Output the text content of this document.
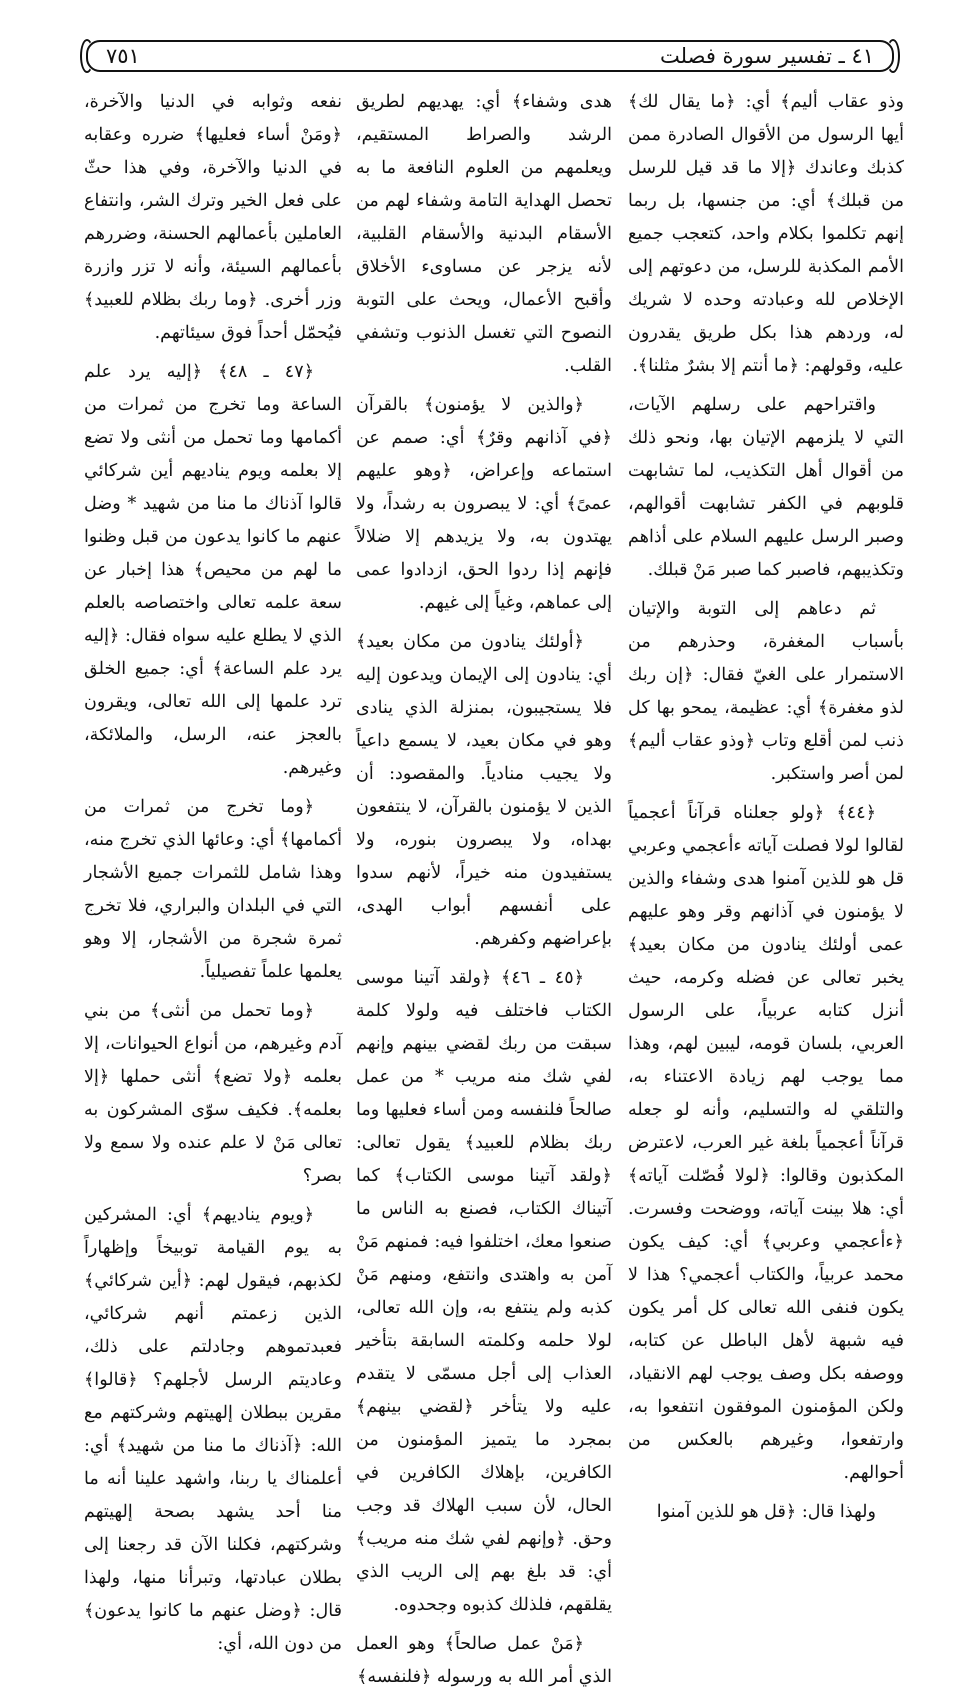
٤١ ـ تفسير سورة فصلت
٧٥١

وذو عقاب أليم﴾ أي: ﴿ما يقال لك﴾ أيها الرسول من الأقوال الصادرة ممن كذبك وعاندك ﴿إلا ما قد قيل للرسل من قبلك﴾ أي: من جنسها، بل ربما إنهم تكلموا بكلام واحد، كتعجب جميع الأمم المكذبة للرسل، من دعوتهم إلى الإخلاص لله وعبادته وحده لا شريك له، وردهم هذا بكل طريق يقدرون عليه، وقولهم: ﴿ما أنتم إلا بشرٌ مثلنا﴾.

واقتراحهم على رسلهم الآيات، التي لا يلزمهم الإتيان بها، ونحو ذلك من أقوال أهل التكذيب، لما تشابهت قلوبهم في الكفر تشابهت أقوالهم، وصبر الرسل عليهم السلام على أذاهم وتكذيبهم، فاصبر كما صبر مَنْ قبلك.

ثم دعاهم إلى التوبة والإتيان بأسباب المغفرة، وحذرهم من الاستمرار على الغيّ فقال: ﴿إن ربك لذو مغفرة﴾ أي: عظيمة، يمحو بها كل ذنب لمن أقلع وتاب ﴿وذو عقاب أليم﴾ لمن أصر واستكبر.

﴿٤٤﴾ ﴿ولو جعلناه قرآناً أعجمياً لقالوا لولا فصلت آياته ءأعجمي وعربي قل هو للذين آمنوا هدى وشفاء والذين لا يؤمنون في آذانهم وقر وهو عليهم عمى أولئك ينادون من مكان بعيد﴾ يخبر تعالى عن فضله وكرمه، حيث أنزل كتابه عربياً، على الرسول العربي، بلسان قومه، ليبين لهم، وهذا مما يوجب لهم زيادة الاعتناء به، والتلقي له والتسليم، وأنه لو جعله قرآناً أعجمياً بلغة غير العرب، لاعترض المكذبون وقالوا: ﴿لولا فُصّلت آياته﴾ أي: هلا بينت آياته، ووضحت وفسرت. ﴿ءأعجمي وعربي﴾ أي: كيف يكون محمد عربياً، والكتاب أعجمي؟ هذا لا يكون فنفى الله تعالى كل أمر يكون فيه شبهة لأهل الباطل عن كتابه، ووصفه بكل وصف يوجب لهم الانقياد، ولكن المؤمنون الموفقون انتفعوا به، وارتفعوا، وغيرهم بالعكس من أحوالهم.

ولهذا قال: ﴿قل هو للذين آمنوا

هدى وشفاء﴾ أي: يهديهم لطريق الرشد والصراط المستقيم، ويعلمهم من العلوم النافعة ما به تحصل الهداية التامة وشفاء لهم من الأسقام البدنية والأسقام القلبية، لأنه يزجر عن مساوىء الأخلاق وأقبح الأعمال، ويحث على التوبة النصوح التي تغسل الذنوب وتشفي القلب.

﴿والذين لا يؤمنون﴾ بالقرآن ﴿في آذانهم وقرٌ﴾ أي: صمم عن استماعه وإعراض، ﴿وهو عليهم عمىً﴾ أي: لا يبصرون به رشداً، ولا يهتدون به، ولا يزيدهم إلا ضلالاً فإنهم إذا ردوا الحق، ازدادوا عمى إلى عماهم، وغياً إلى غيهم.

﴿أولئك ينادون من مكان بعيد﴾ أي: ينادون إلى الإيمان ويدعون إليه فلا يستجيبون، بمنزلة الذي ينادى وهو في مكان بعيد، لا يسمع داعياً ولا يجيب منادياً. والمقصود: أن الذين لا يؤمنون بالقرآن، لا ينتفعون بهداه، ولا يبصرون بنوره، ولا يستفيدون منه خيراً، لأنهم سدوا على أنفسهم أبواب الهدى، بإعراضهم وكفرهم.

﴿٤٥ ـ ٤٦﴾ ﴿ولقد آتينا موسى الكتاب فاختلف فيه ولولا كلمة سبقت من ربك لقضي بينهم وإنهم لفي شك منه مريب * من عمل صالحاً فلنفسه ومن أساء فعليها وما ربك بظلام للعبيد﴾ يقول تعالى: ﴿ولقد آتينا موسى الكتاب﴾ كما آتيناك الكتاب، فصنع به الناس ما صنعوا معك، اختلفوا فيه: فمنهم مَنْ آمن به واهتدى وانتفع، ومنهم مَنْ كذبه ولم ينتفع به، وإن الله تعالى، لولا حلمه وكلمته السابقة بتأخير العذاب إلى أجل مسمّى لا يتقدم عليه ولا يتأخر ﴿لقضي بينهم﴾ بمجرد ما يتميز المؤمنون من الكافرين، بإهلاك الكافرين في الحال، لأن سبب الهلاك قد وجب وحق. ﴿وإنهم لفي شك منه مريب﴾ أي: قد بلغ بهم إلى الريب الذي يقلقهم، فلذلك كذبوه وجحدوه.

﴿مَنْ عمل صالحاً﴾ وهو العمل الذي أمر الله به ورسوله ﴿فلنفسه﴾

نفعه وثوابه في الدنيا والآخرة، ﴿ومَنْ أساء فعليها﴾ ضرره وعقابه في الدنيا والآخرة، وفي هذا حثّ على فعل الخير وترك الشر، وانتفاع العاملين بأعمالهم الحسنة، وضررهم بأعمالهم السيئة، وأنه لا تزر وازرة وزر أخرى. ﴿وما ربك بظلام للعبيد﴾ فيُحمّل أحداً فوق سيئاتهم.

﴿٤٧ ـ ٤٨﴾ ﴿إليه يرد علم الساعة وما تخرج من ثمرات من أكمامها وما تحمل من أنثى ولا تضع إلا بعلمه ويوم يناديهم أين شركائي قالوا آذناك ما منا من شهيد * وضل عنهم ما كانوا يدعون من قبل وظنوا ما لهم من محيص﴾ هذا إخبار عن سعة علمه تعالى واختصاصه بالعلم الذي لا يطلع عليه سواه فقال: ﴿إليه يرد علم الساعة﴾ أي: جميع الخلق ترد علمها إلى الله تعالى، ويقرون بالعجز عنه، الرسل، والملائكة، وغيرهم.

﴿وما تخرج من ثمرات من أكمامها﴾ أي: وعائها الذي تخرج منه، وهذا شامل للثمرات جميع الأشجار التي في البلدان والبراري، فلا تخرج ثمرة شجرة من الأشجار، إلا وهو يعلمها علماً تفصيلياً.

﴿وما تحمل من أنثى﴾ من بني آدم وغيرهم، من أنواع الحيوانات، إلا بعلمه ﴿ولا تضع﴾ أنثى حملها ﴿إلا بعلمه﴾. فكيف سوّى المشركون به تعالى مَنْ لا علم عنده ولا سمع ولا بصر؟

﴿ويوم يناديهم﴾ أي: المشركين به يوم القيامة توبيخاً وإظهاراً لكذبهم، فيقول لهم: ﴿أين شركائي﴾ الذين زعمتم أنهم شركائي، فعبدتموهم وجادلتم على ذلك، وعاديتم الرسل لأجلهم؟ ﴿قالوا﴾ مقرين ببطلان إلهيتهم وشركتهم مع الله: ﴿آذناك ما منا من شهيد﴾ أي: أعلمناك يا ربنا، واشهد علينا أنه ما منا أحد يشهد بصحة إلهيتهم وشركتهم، فكلنا الآن قد رجعنا إلى بطلان عبادتها، وتبرأنا منها، ولهذا قال: ﴿وضل عنهم ما كانوا يدعون﴾ من دون الله، أي:
